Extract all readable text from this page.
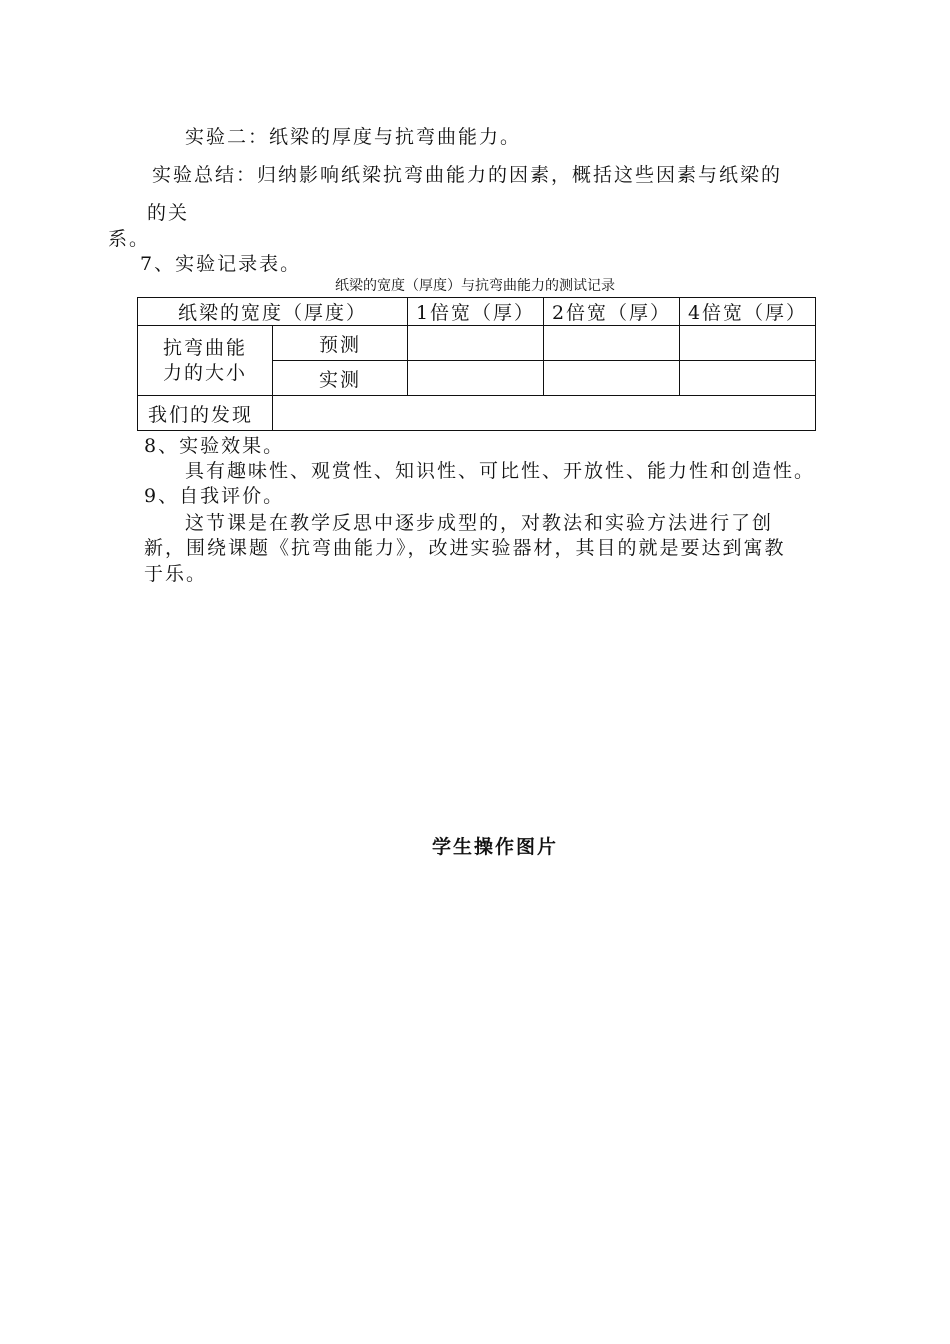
实验二：纸梁的厚度与抗弯曲能力。
实验总结：归纳影响纸梁抗弯曲能力的因素，概括这些因素与纸梁的
的关
系。
7、实验记录表。
纸梁的宽度（厚度）与抗弯曲能力的测试记录
纸梁的宽度（厚度）		1倍宽（厚）	2倍宽（厚）	4倍宽（厚）

抗弯曲能
力的大小	预测			
	实测			
我们的发现				
8、实验效果。
具有趣味性、观赏性、知识性、可比性、开放性、能力性和创造性。
9、自我评价。
这节课是在教学反思中逐步成型的，对教法和实验方法进行了创
新，围绕课题《抗弯曲能力》，改进实验器材，其目的就是要达到寓教
于乐。
学生操作图片
